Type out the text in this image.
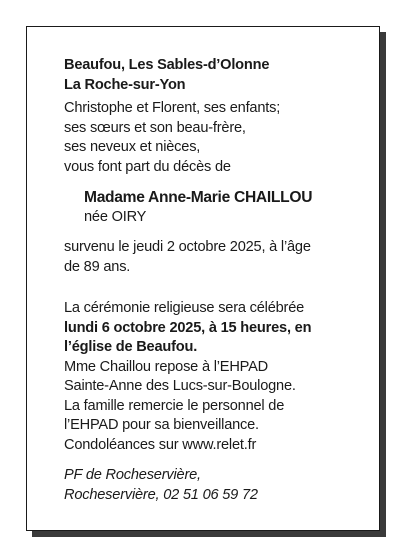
Beaufou, Les Sables-d’Olonne
La Roche-sur-Yon
Christophe et Florent, ses enfants;
ses sœurs et son beau-frère,
ses neveux et nièces,
vous font part du décès de
Madame Anne-Marie CHAILLOU
née OIRY
survenu le jeudi 2 octobre 2025, à l’âge
de 89 ans.
La cérémonie religieuse sera célébrée
lundi 6 octobre 2025, à 15 heures, en
l’église de Beaufou.
Mme Chaillou repose à l’EHPAD
Sainte-Anne des Lucs-sur-Boulogne.
La famille remercie le personnel de
l’EHPAD pour sa bienveillance.
Condoléances sur www.relet.fr
PF de Rocheservière,
Rocheservière, 02 51 06 59 72
